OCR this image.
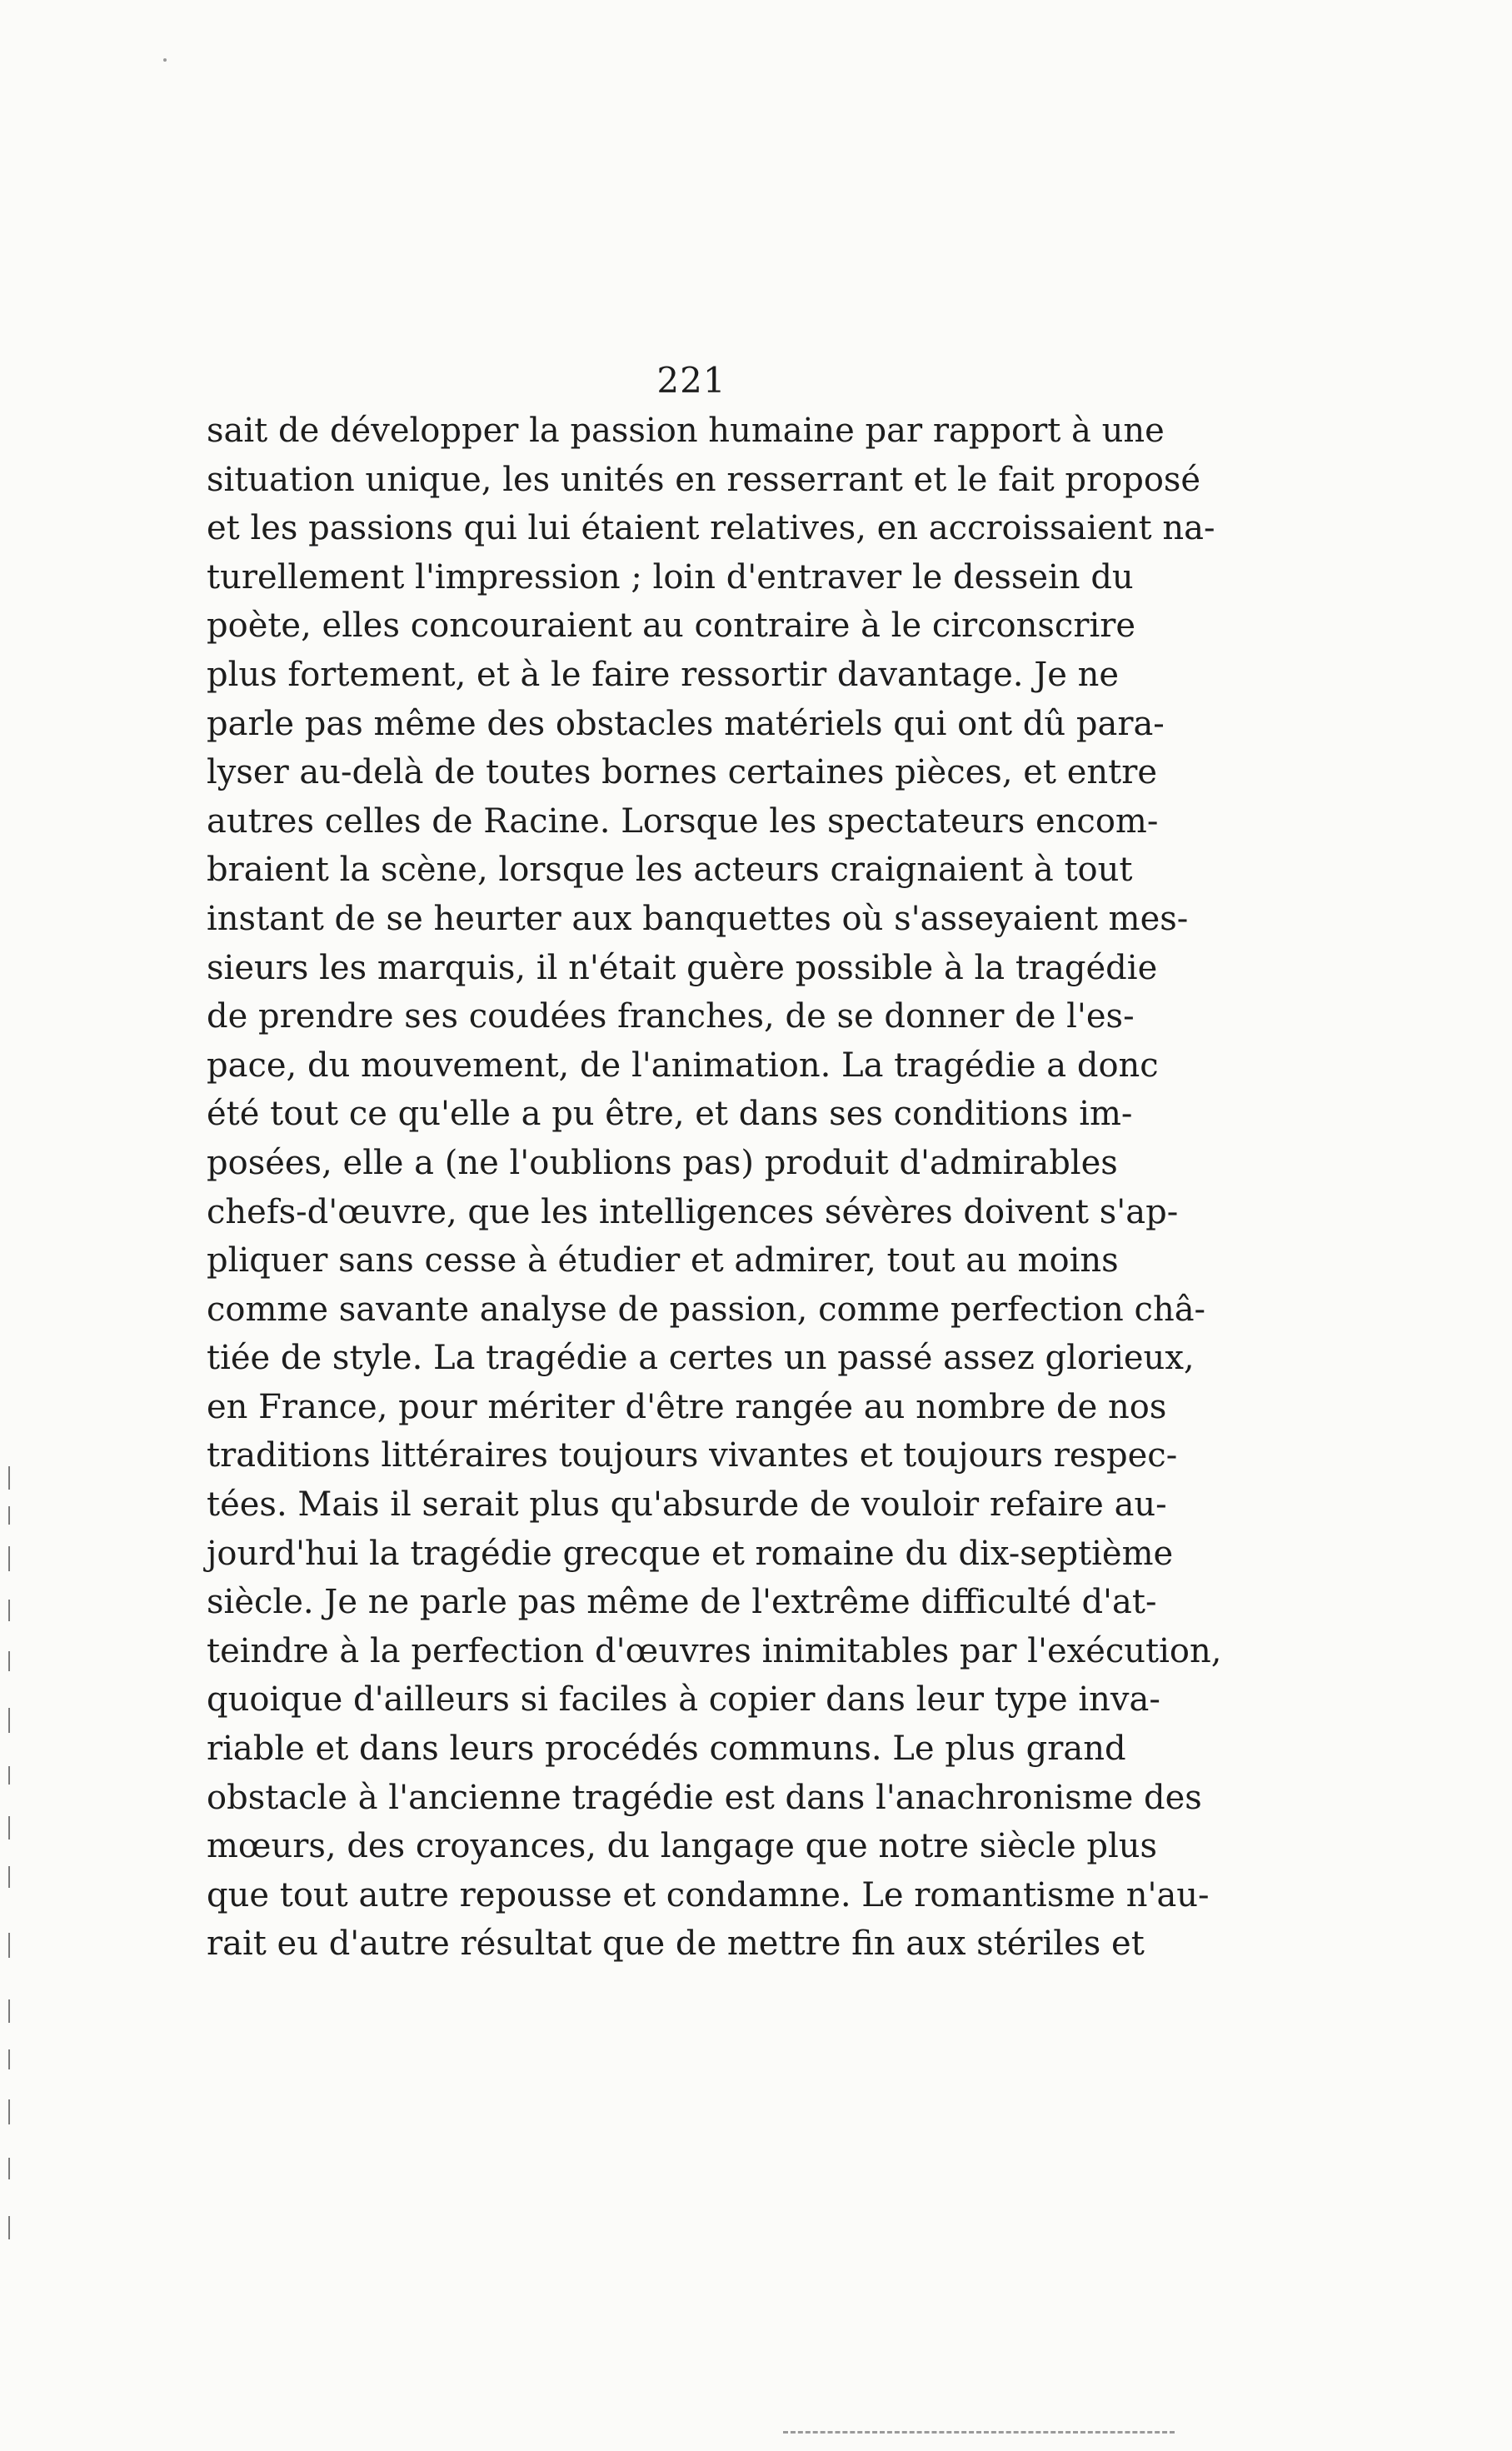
221
sait de développer la passion humaine par rapport à une
situation unique, les unités en resserrant et le fait proposé
et les passions qui lui étaient relatives, en accroissaient na-
turellement l'impression ; loin d'entraver le dessein du
poète, elles concouraient au contraire à le circonscrire
plus fortement, et à le faire ressortir davantage. Je ne
parle pas même des obstacles matériels qui ont dû para-
lyser au-delà de toutes bornes certaines pièces, et entre
autres celles de Racine. Lorsque les spectateurs encom-
braient la scène, lorsque les acteurs craignaient à tout
instant de se heurter aux banquettes où s'asseyaient mes-
sieurs les marquis, il n'était guère possible à la tragédie
de prendre ses coudées franches, de se donner de l'es-
pace, du mouvement, de l'animation. La tragédie a donc
été tout ce qu'elle a pu être, et dans ses conditions im-
posées, elle a (ne l'oublions pas) produit d'admirables
chefs-d'œuvre, que les intelligences sévères doivent s'ap-
pliquer sans cesse à étudier et admirer, tout au moins
comme savante analyse de passion, comme perfection châ-
tiée de style. La tragédie a certes un passé assez glorieux,
en France, pour mériter d'être rangée au nombre de nos
traditions littéraires toujours vivantes et toujours respec-
tées. Mais il serait plus qu'absurde de vouloir refaire au-
jourd'hui la tragédie grecque et romaine du dix-septième
siècle. Je ne parle pas même de l'extrême difficulté d'at-
teindre à la perfection d'œuvres inimitables par l'exécution,
quoique d'ailleurs si faciles à copier dans leur type inva-
riable et dans leurs procédés communs. Le plus grand
obstacle à l'ancienne tragédie est dans l'anachronisme des
mœurs, des croyances, du langage que notre siècle plus
que tout autre repousse et condamne. Le romantisme n'au-
rait eu d'autre résultat que de mettre fin aux stériles et
